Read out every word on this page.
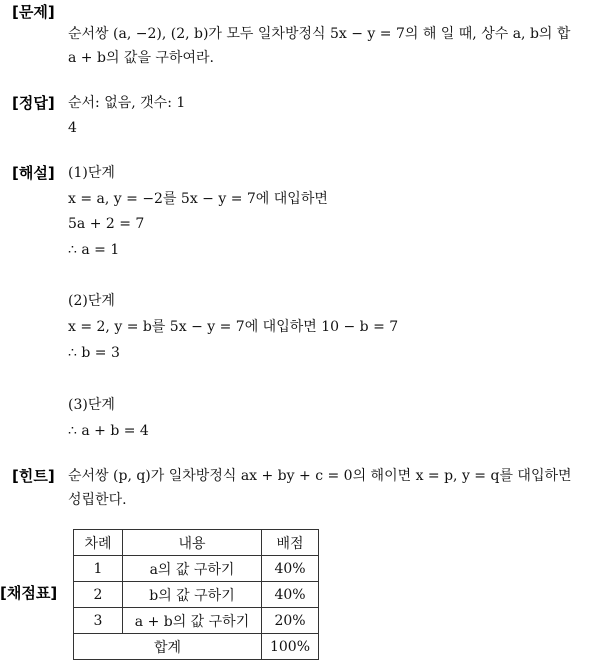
[문제]
순서쌍 (a, −2), (2, b)가 모두 일차방정식 5x − y = 7의 해 일 때, 상수 a, b의 합
a + b의 값을 구하여라.
[정답] 순서: 없음, 갯수: 1
4
[해설] (1)단계
x = a, y = −2를 5x − y = 7에 대입하면
5a + 2 = 7
∴ a = 1
(2)단계
x = 2, y = b를 5x − y = 7에 대입하면 10 − b = 7
∴ b = 3
(3)단계
∴ a + b = 4
[힌트] 순서쌍 (p, q)가 일차방정식 ax + by + c = 0의 해이면 x = p, y = q를 대입하면
성립한다.
[채점표]
차례	내용	배점
1	a의 값 구하기	40%
2	b의 값 구하기	40%
3	a + b의 값 구하기	20%
합계		100%
